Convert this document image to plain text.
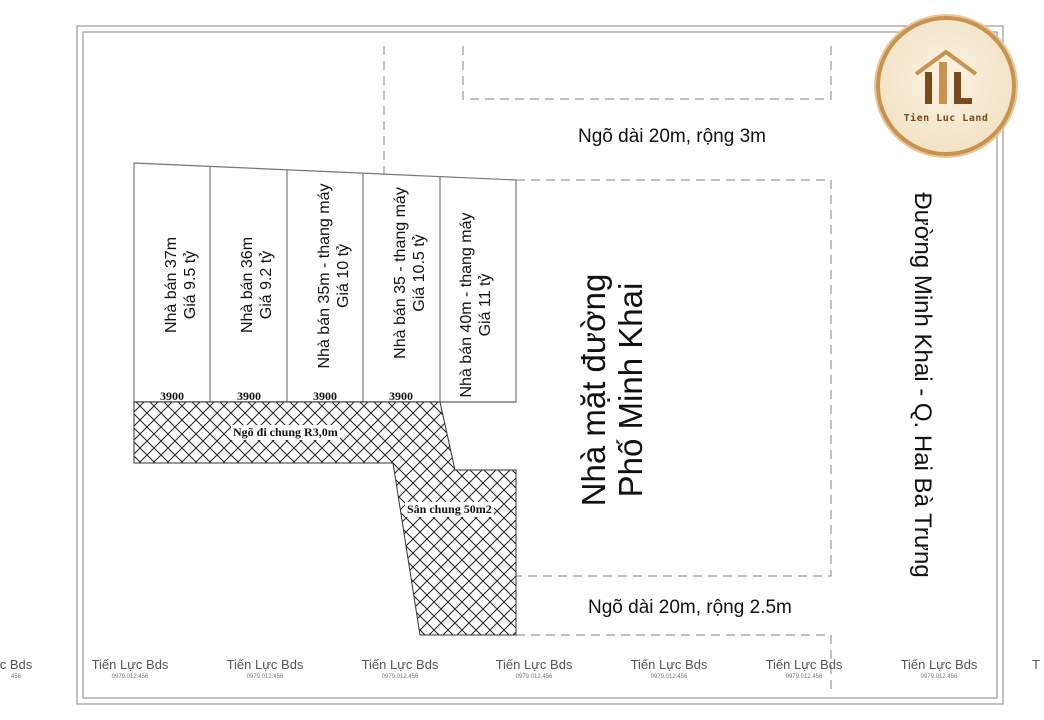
Tien Luc Land
Ngõ dài 20m, rộng 3m
Ngõ dài 20m, rộng 2.5m
Nhà mặt đường Phố Minh Khai	Đường Minh Khai - Q. Hai Bà Trưng
Nhà bán 37m Giá 9.5 tỷ	Nhà bán 36m Giá 9.2 tỷ	Nhà bán 35m - thang máy Giá 10 tỷ	Nhà bán 35 - thang máy Giá 10.5 tỷ Nhà bán 40m - thang máy Giá 11 tỷ
3900	3900	3900	3900
Ngõ đi chung R3,0m
Sân chung 50m2
c Bds
456
Tiến Lực Bds
0979.012.456
Tiến Lực Bds
0979.012.456
Tiến Lực Bds
0979.012.456
Tiến Lực Bds
0979.012.456
Tiến Lực Bds
0979.012.456
Tiến Lực Bds
0979.012.456
Tiến Lực Bds
0979.012.456
T
